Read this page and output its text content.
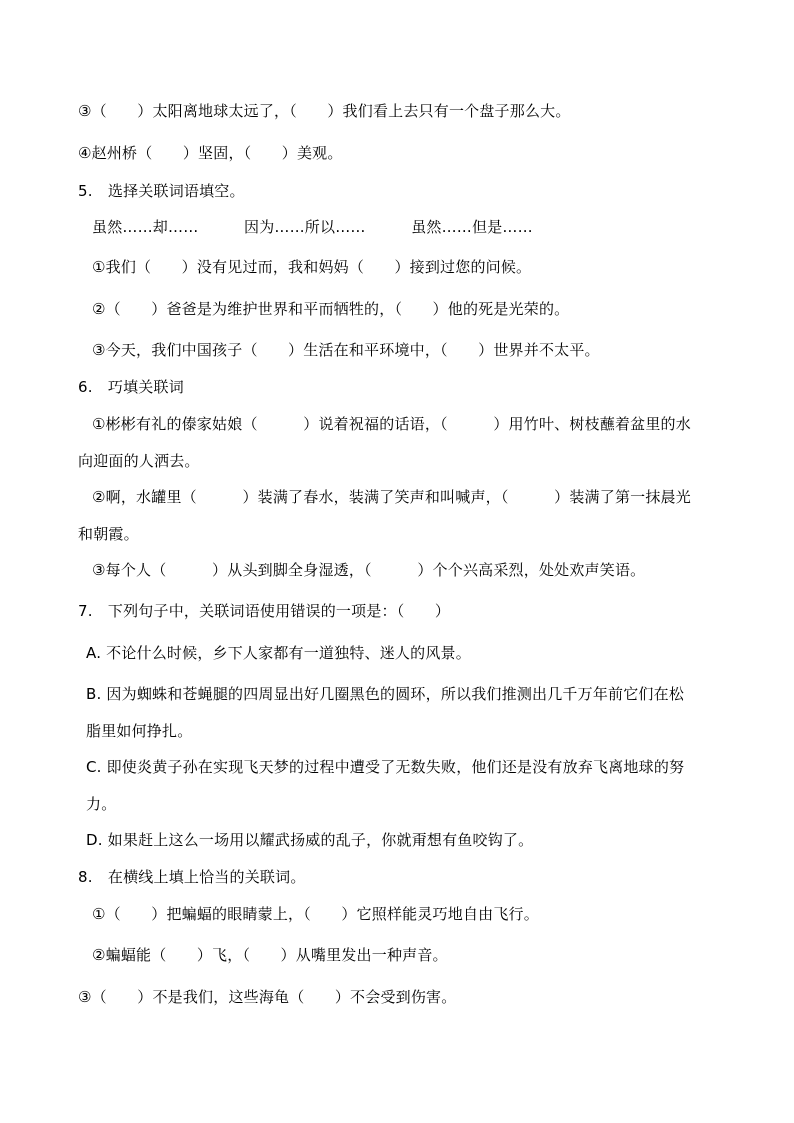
③（　　）太阳离地球太远了，（　　）我们看上去只有一个盘子那么大。
④赵州桥（　　）坚固，（　　）美观。
5.　选择关联词语填空。
虽然……却……　　　因为……所以……　　　虽然……但是……
①我们（　　）没有见过而，我和妈妈（　　）接到过您的问候。
②（　　）爸爸是为维护世界和平而牺牲的，（　　）他的死是光荣的。
③今天，我们中国孩子（　　）生活在和平环境中，（　　）世界并不太平。
6.　巧填关联词
①彬彬有礼的傣家姑娘（　　　）说着祝福的话语，（　　　）用竹叶、树枝蘸着盆里的水
向迎面的人洒去。
②啊，水罐里（　　　）装满了春水，装满了笑声和叫喊声，（　　　）装满了第一抹晨光
和朝霞。
③每个人（　　　）从头到脚全身湿透，（　　　）个个兴高采烈，处处欢声笑语。
7.　下列句子中，关联词语使用错误的一项是：（　　）
A. 不论什么时候，乡下人家都有一道独特、迷人的风景。
B. 因为蜘蛛和苍蝇腿的四周显出好几圈黑色的圆环，所以我们推测出几千万年前它们在松
脂里如何挣扎。
C. 即使炎黄子孙在实现飞天梦的过程中遭受了无数失败，他们还是没有放弃飞离地球的努
力。
D. 如果赶上这么一场用以耀武扬威的乱子，你就甭想有鱼咬钩了。
8.　在横线上填上恰当的关联词。
①（　　）把蝙蝠的眼睛蒙上，（　　）它照样能灵巧地自由飞行。
②蝙蝠能（　　）飞，（　　）从嘴里发出一种声音。
③（　　）不是我们，这些海龟（　　）不会受到伤害。
